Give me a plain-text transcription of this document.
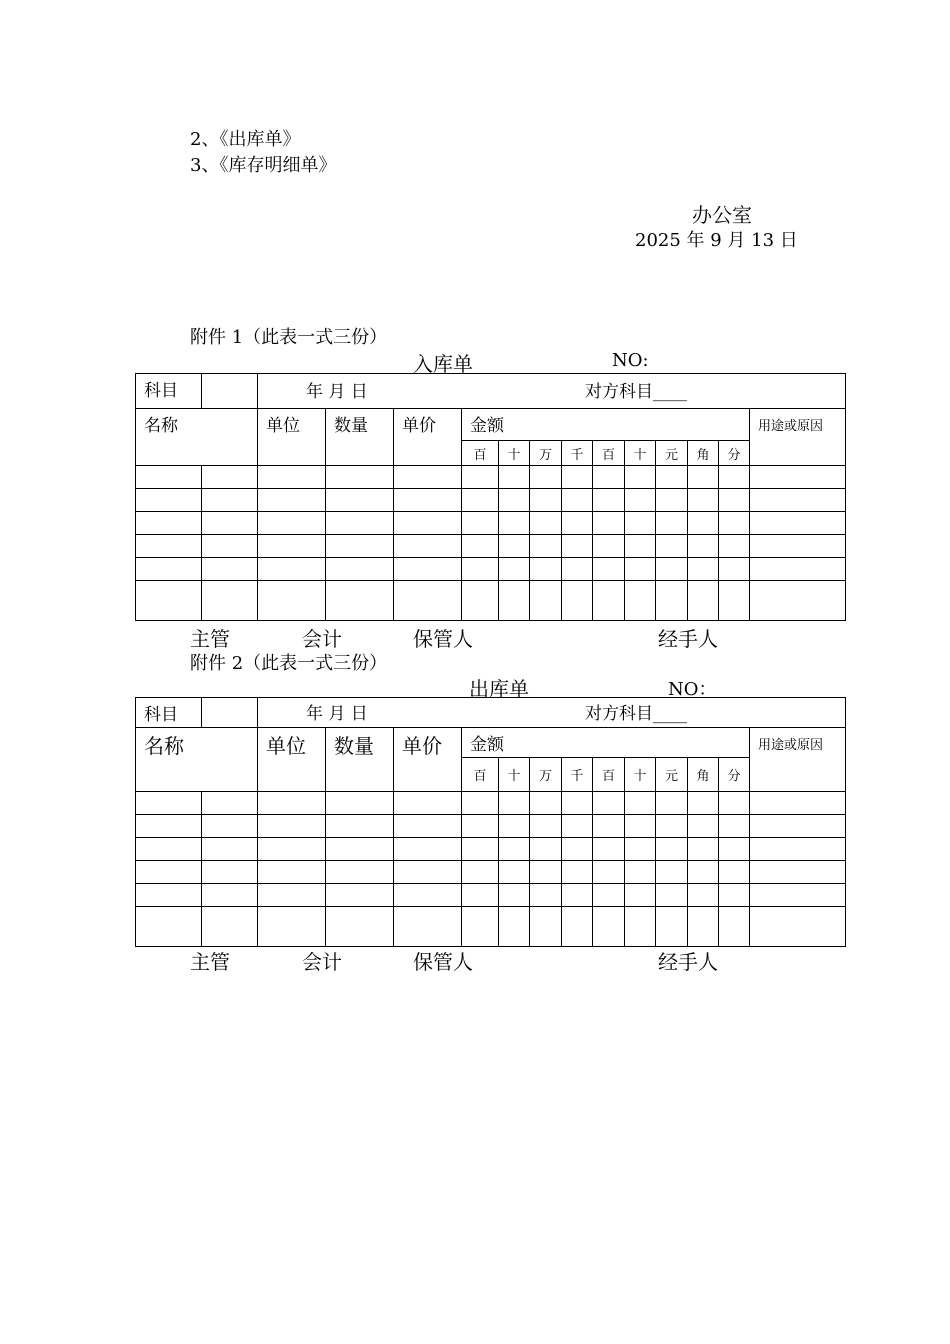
2、《出库单》
3、《库存明细单》
办公室
2025 年 9 月 13 日
附件 1（此表一式三份）
入库单	NO:
科目		年 月 日 对方科目____												

名称		单位	数量	单价	金额									用途或原因
					百	十	万	千	百	十	元	角	分	

主管	会计	保管人	经手人
附件 2（此表一式三份）
出库单	NO：
科目		年 月 日 对方科目____												

名称		单位	数量	单价	金额									用途或原因
					百	十	万	千	百	十	元	角	分	

主管	会计	保管人	经手人
